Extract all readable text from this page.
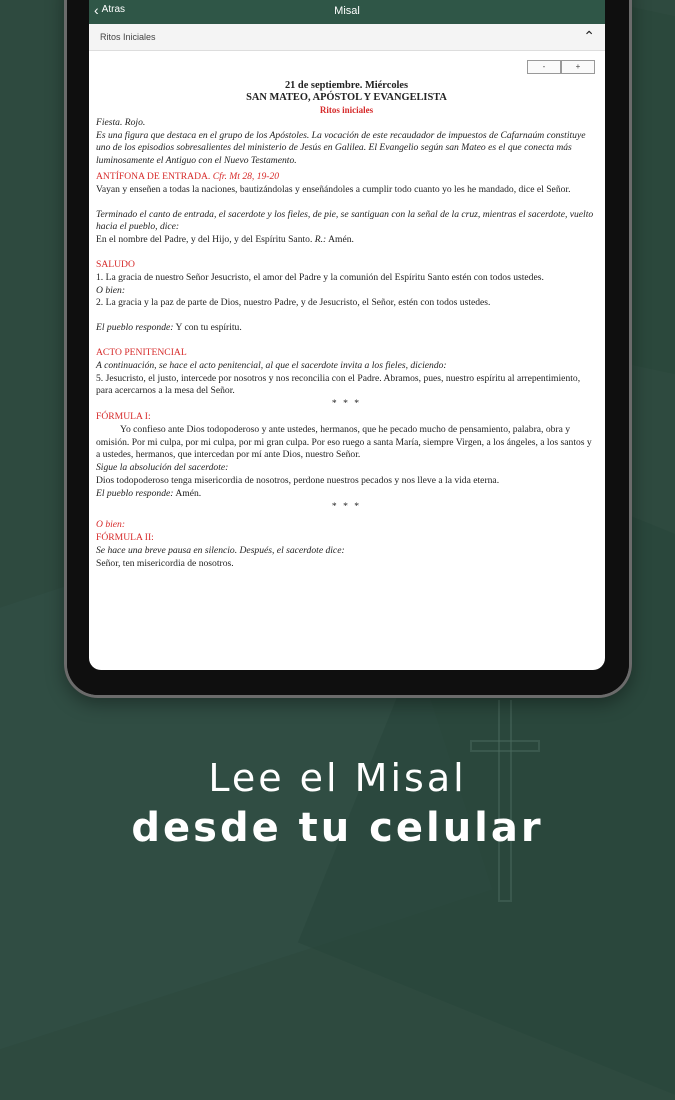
‹ Atras	Misal
Ritos Iniciales	⌃
-	+

21 de septiembre. Miércoles

SAN MATEO, APÓSTOL Y EVANGELISTA

Ritos iniciales

Fiesta. Rojo.

Es una figura que destaca en el grupo de los Apóstoles. La vocación de este recaudador de impuestos de Cafarnaúm constituye uno de los episodios sobresalientes del ministerio de Jesús en Galilea. El Evangelio según san Mateo es el que conecta más luminosamente el Antiguo con el Nuevo Testamento.

ANTÍFONA DE ENTRADA. Cfr. Mt 28, 19-20

Vayan y enseñen a todas la naciones, bautizándolas y enseñándoles a cumplir todo cuanto yo les he mandado, dice el Señor.

Terminado el canto de entrada, el sacerdote y los fieles, de pie, se santiguan con la señal de la cruz, mientras el sacerdote, vuelto hacia el pueblo, dice:

En el nombre del Padre, y del Hijo, y del Espíritu Santo. R.: Amén.

SALUDO

1. La gracia de nuestro Señor Jesucristo, el amor del Padre y la comunión del Espíritu Santo estén con todos ustedes.

O bien:

2. La gracia y la paz de parte de Dios, nuestro Padre, y de Jesucristo, el Señor, estén con todos ustedes.

El pueblo responde: Y con tu espíritu.

ACTO PENITENCIAL

A continuación, se hace el acto penitencial, al que el sacerdote invita a los fieles, diciendo:

5. Jesucristo, el justo, intercede por nosotros y nos reconcilia con el Padre. Abramos, pues, nuestro espíritu al arrepentimiento, para acercarnos a la mesa del Señor.

* * *

FÓRMULA I:

Yo confieso ante Dios todopoderoso y ante ustedes, hermanos, que he pecado mucho de pensamiento, palabra, obra y omisión. Por mi culpa, por mi culpa, por mi gran culpa. Por eso ruego a santa María, siempre Virgen, a los ángeles, a los santos y a ustedes, hermanos, que intercedan por mí ante Dios, nuestro Señor.

Sigue la absolución del sacerdote:

Dios todopoderoso tenga misericordia de nosotros, perdone nuestros pecados y nos lleve a la vida eterna.

El pueblo responde: Amén.

* * *

O bien:

FÓRMULA II:

Se hace una breve pausa en silencio. Después, el sacerdote dice:

Señor, ten misericordia de nosotros.

Lee el Misal
desde tu celular
